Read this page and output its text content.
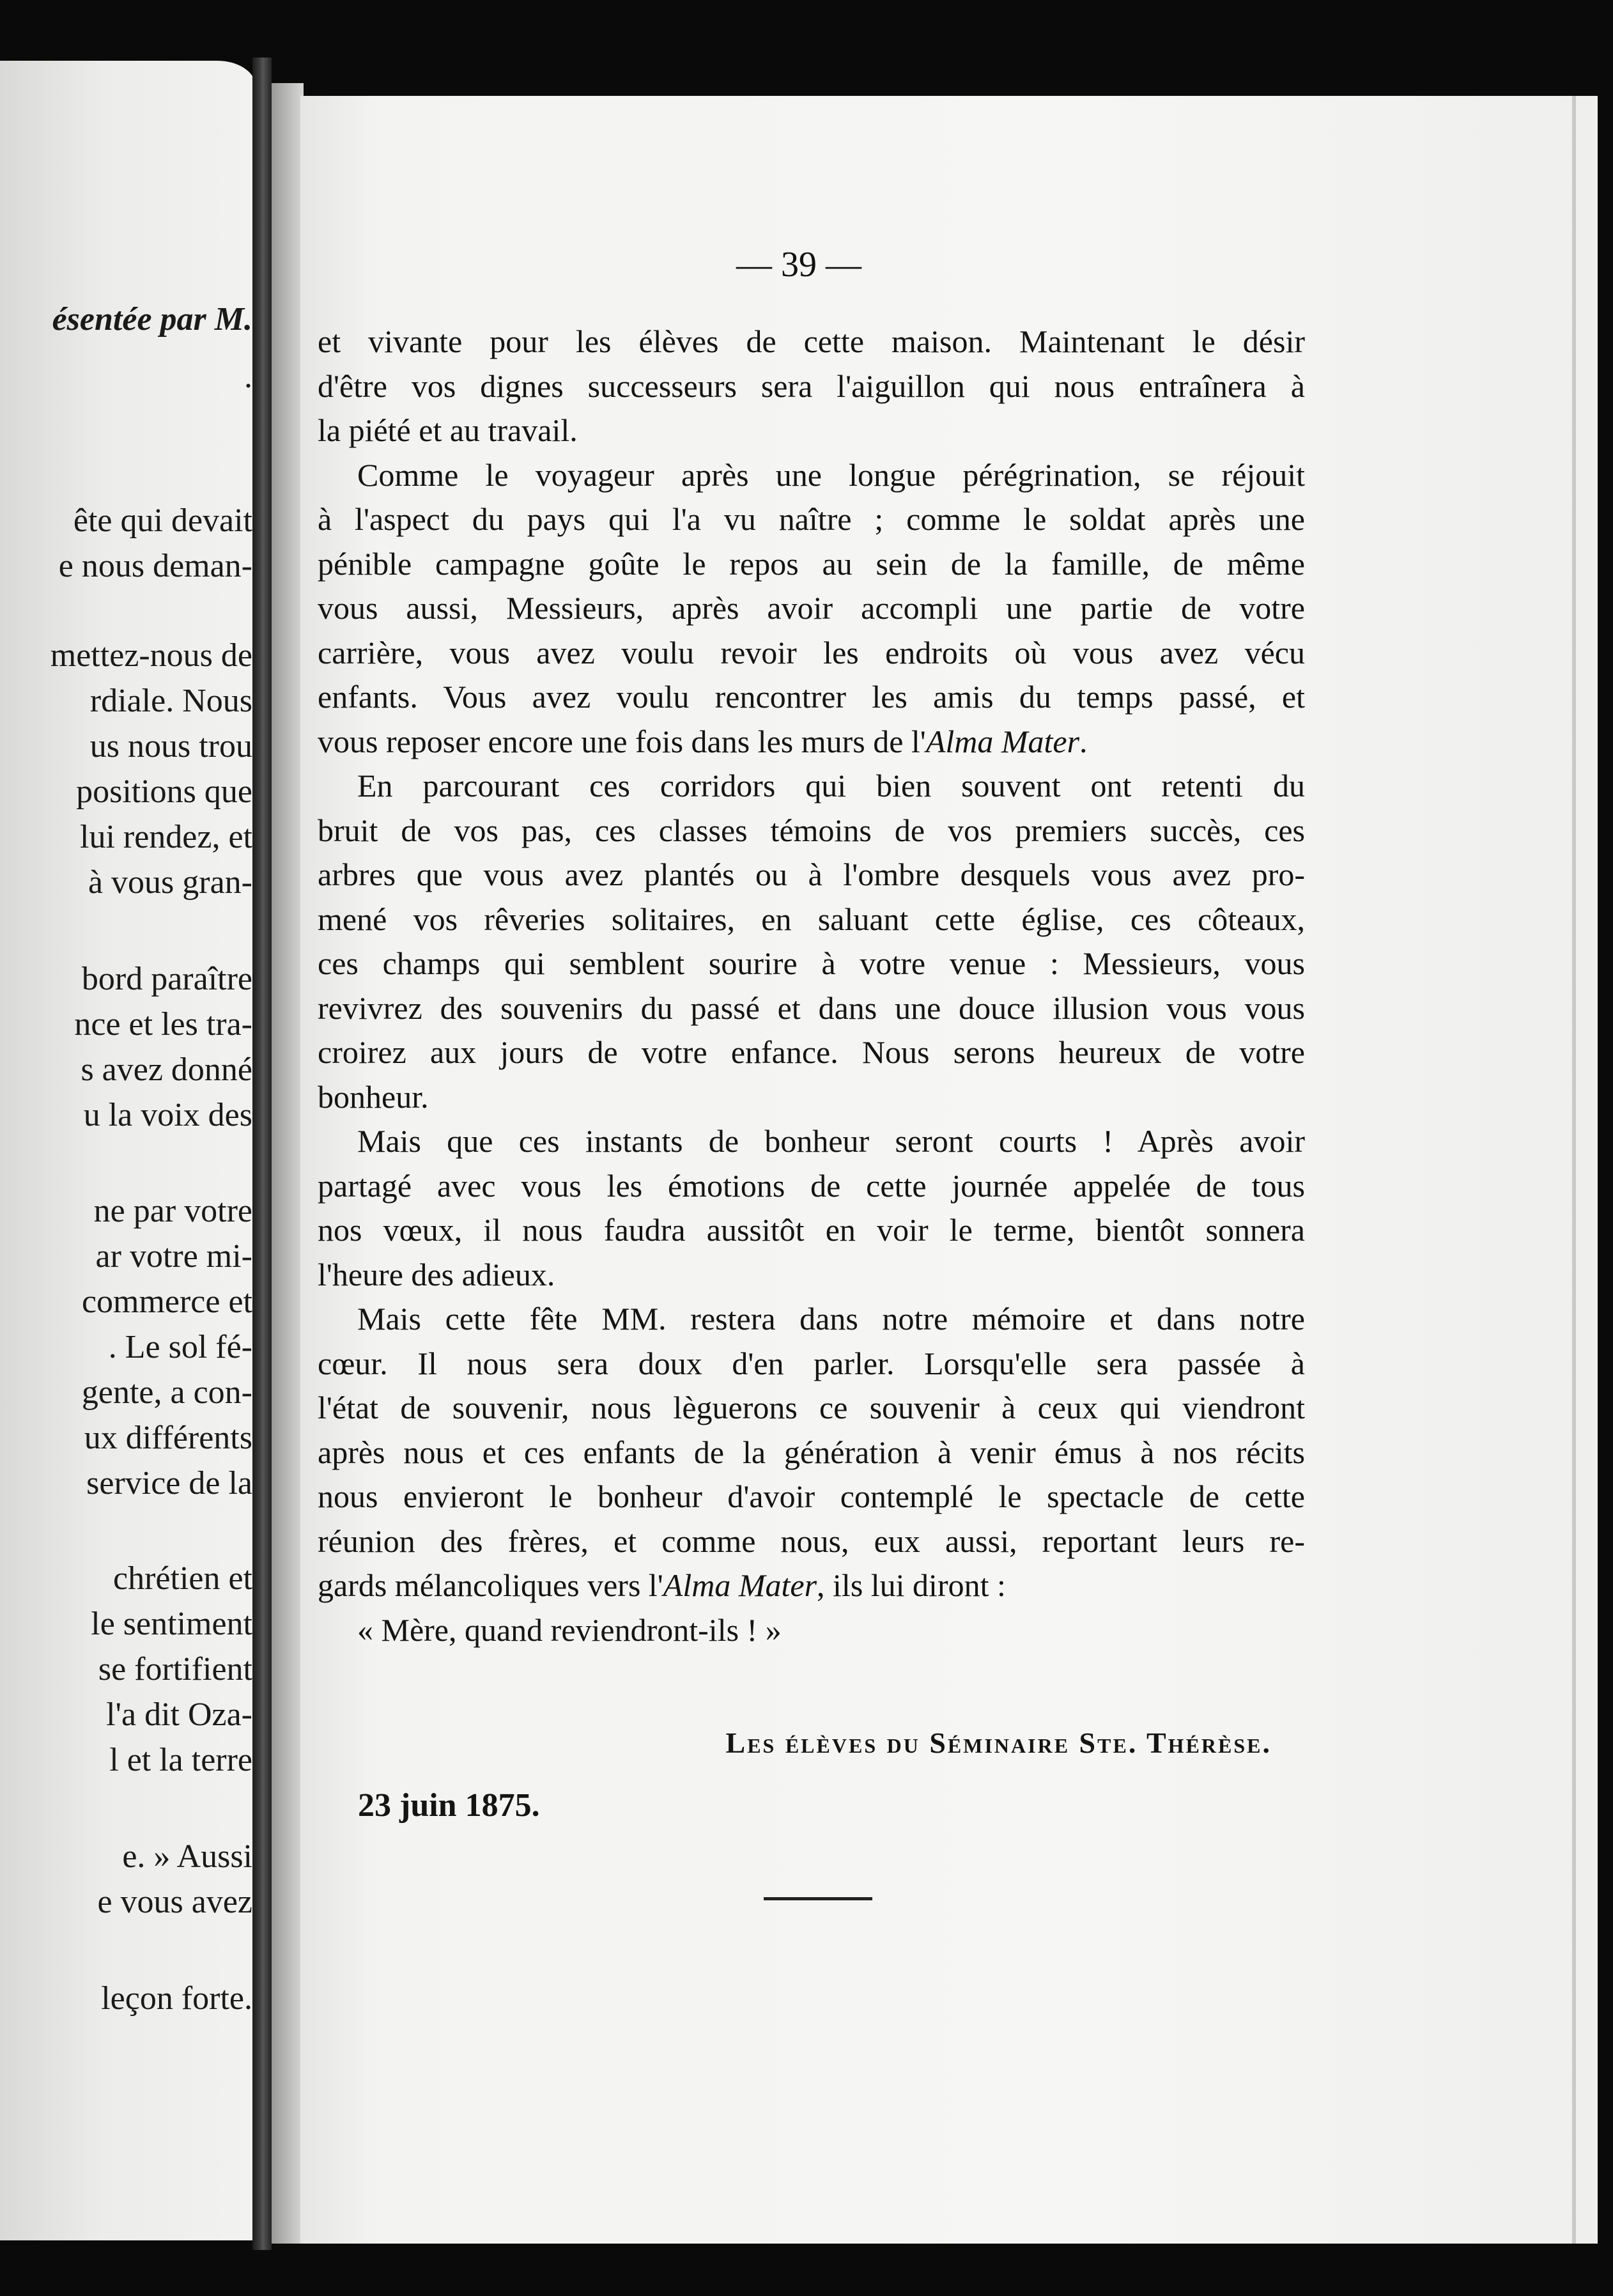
ésentée par M.
.
ête qui devait
e nous deman-
mettez-nous de
rdiale. Nous
us nous trou
positions que
lui rendez, et
à vous gran-
bord paraître
nce et les tra-
s avez donné
u la voix des
ne par votre
ar votre mi-
commerce et
. Le sol fé-
gente, a con-
ux différents
service de la
chrétien et
le sentiment
se fortifient
l'a dit Oza-
l et la terre
e. » Aussi
e vous avez
leçon forte.
— 39 —
et vivante pour les élèves de cette maison. Maintenant le désir
d'être vos dignes successeurs sera l'aiguillon qui nous entraînera à
la piété et au travail.
Comme le voyageur après une longue pérégrination, se réjouit
à l'aspect du pays qui l'a vu naître ; comme le soldat après une
pénible campagne goûte le repos au sein de la famille, de même
vous aussi, Messieurs, après avoir accompli une partie de votre
carrière, vous avez voulu revoir les endroits où vous avez vécu
enfants. Vous avez voulu rencontrer les amis du temps passé, et
vous reposer encore une fois dans les murs de l'Alma Mater.
En parcourant ces corridors qui bien souvent ont retenti du
bruit de vos pas, ces classes témoins de vos premiers succès, ces
arbres que vous avez plantés ou à l'ombre desquels vous avez pro-
mené vos rêveries solitaires, en saluant cette église, ces côteaux,
ces champs qui semblent sourire à votre venue : Messieurs, vous
revivrez des souvenirs du passé et dans une douce illusion vous vous
croirez aux jours de votre enfance. Nous serons heureux de votre
bonheur.
Mais que ces instants de bonheur seront courts ! Après avoir
partagé avec vous les émotions de cette journée appelée de tous
nos vœux, il nous faudra aussitôt en voir le terme, bientôt sonnera
l'heure des adieux.
Mais cette fête MM. restera dans notre mémoire et dans notre
cœur. Il nous sera doux d'en parler. Lorsqu'elle sera passée à
l'état de souvenir, nous lèguerons ce souvenir à ceux qui viendront
après nous et ces enfants de la génération à venir émus à nos récits
nous envieront le bonheur d'avoir contemplé le spectacle de cette
réunion des frères, et comme nous, eux aussi, reportant leurs re-
gards mélancoliques vers l'Alma Mater, ils lui diront :
« Mère, quand reviendront-ils ! »
Les élèves du Séminaire Ste. Thérèse.
23 juin 1875.
